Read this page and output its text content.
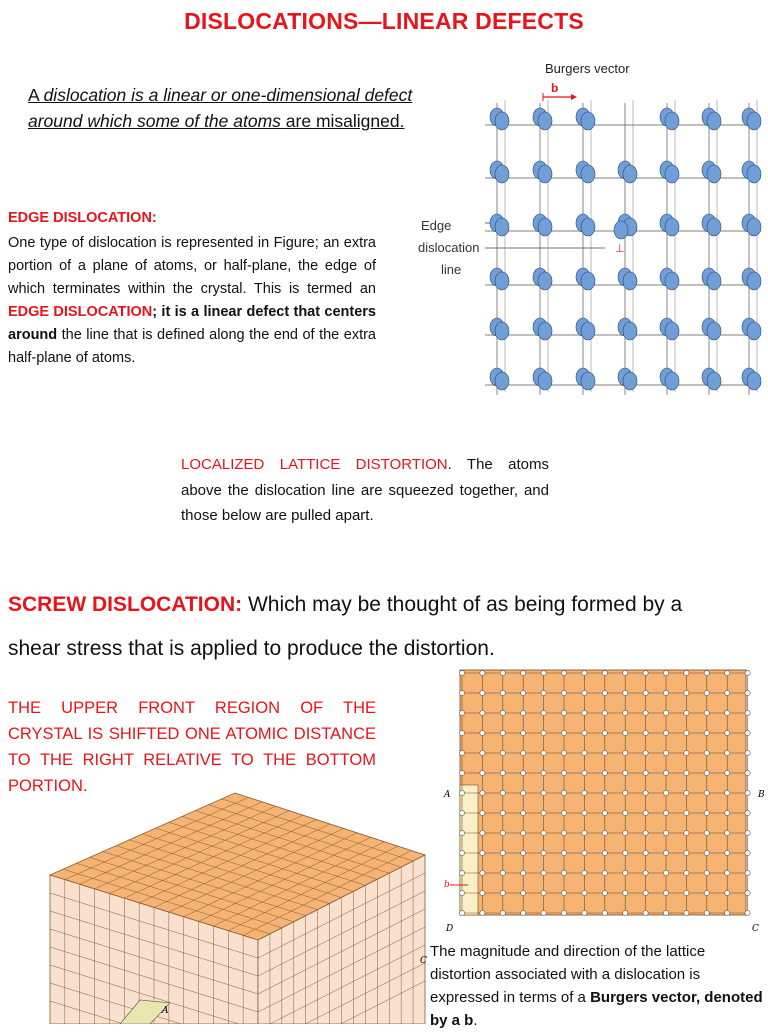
DISLOCATIONS—LINEAR DEFECTS
A dislocation is a linear or one-dimensional defect around which some of the atoms are misaligned.
EDGE DISLOCATION:
One type of dislocation is represented in Figure; an extra portion of a plane of atoms, or half-plane, the edge of which terminates within the crystal. This is termed an EDGE DISLOCATION; it is a linear defect that centers around the line that is defined along the end of the extra half-plane of atoms.
Burgers vector
b
Edge
dislocation
line
⊥
LOCALIZED LATTICE DISTORTION. The atoms above the dislocation line are squeezed together, and those below are pulled apart.
SCREW DISLOCATION: Which may be thought of as being formed by a
shear stress that is applied to produce the distortion.
THE UPPER FRONT REGION OF THE CRYSTAL IS SHIFTED ONE ATOMIC DISTANCE TO THE RIGHT RELATIVE TO THE BOTTOM PORTION.	A	B
D	C
b
A
C
The magnitude and direction of the lattice distortion associated with a dislocation is expressed in terms of a Burgers vector, denoted by a b.
